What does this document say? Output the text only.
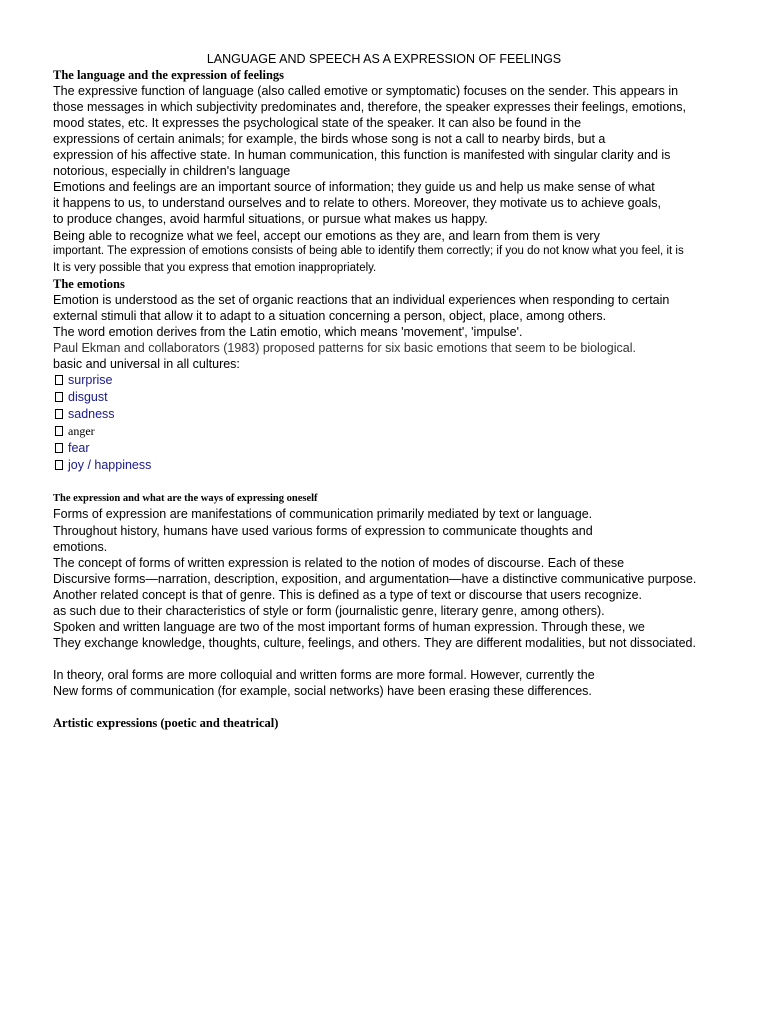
LANGUAGE AND SPEECH AS A EXPRESSION OF FEELINGS
The language and the expression of feelings
The expressive function of language (also called emotive or symptomatic) focuses on the sender. This appears in
those messages in which subjectivity predominates and, therefore, the speaker expresses their feelings, emotions,
mood states, etc. It expresses the psychological state of the speaker. It can also be found in the
expressions of certain animals; for example, the birds whose song is not a call to nearby birds, but a
expression of his affective state. In human communication, this function is manifested with singular clarity and is
notorious, especially in children's language
Emotions and feelings are an important source of information; they guide us and help us make sense of what
it happens to us, to understand ourselves and to relate to others. Moreover, they motivate us to achieve goals,
to produce changes, avoid harmful situations, or pursue what makes us happy.
Being able to recognize what we feel, accept our emotions as they are, and learn from them is very
important. The expression of emotions consists of being able to identify them correctly; if you do not know what you feel, it is
It is very possible that you express that emotion inappropriately.
The emotions
Emotion is understood as the set of organic reactions that an individual experiences when responding to certain
external stimuli that allow it to adapt to a situation concerning a person, object, place, among others.
The word emotion derives from the Latin emotio, which means 'movement', 'impulse'.
Paul Ekman and collaborators (1983) proposed patterns for six basic emotions that seem to be biological.
basic and universal in all cultures:
surprise
disgust
sadness
anger
fear
joy / happiness
The expression and what are the ways of expressing oneself
Forms of expression are manifestations of communication primarily mediated by text or language.
Throughout history, humans have used various forms of expression to communicate thoughts and
emotions.
The concept of forms of written expression is related to the notion of modes of discourse. Each of these
Discursive forms—narration, description, exposition, and argumentation—have a distinctive communicative purpose.
Another related concept is that of genre. This is defined as a type of text or discourse that users recognize.
as such due to their characteristics of style or form (journalistic genre, literary genre, among others).
Spoken and written language are two of the most important forms of human expression. Through these, we
They exchange knowledge, thoughts, culture, feelings, and others. They are different modalities, but not dissociated.
In theory, oral forms are more colloquial and written forms are more formal. However, currently the
New forms of communication (for example, social networks) have been erasing these differences.
Artistic expressions (poetic and theatrical)
